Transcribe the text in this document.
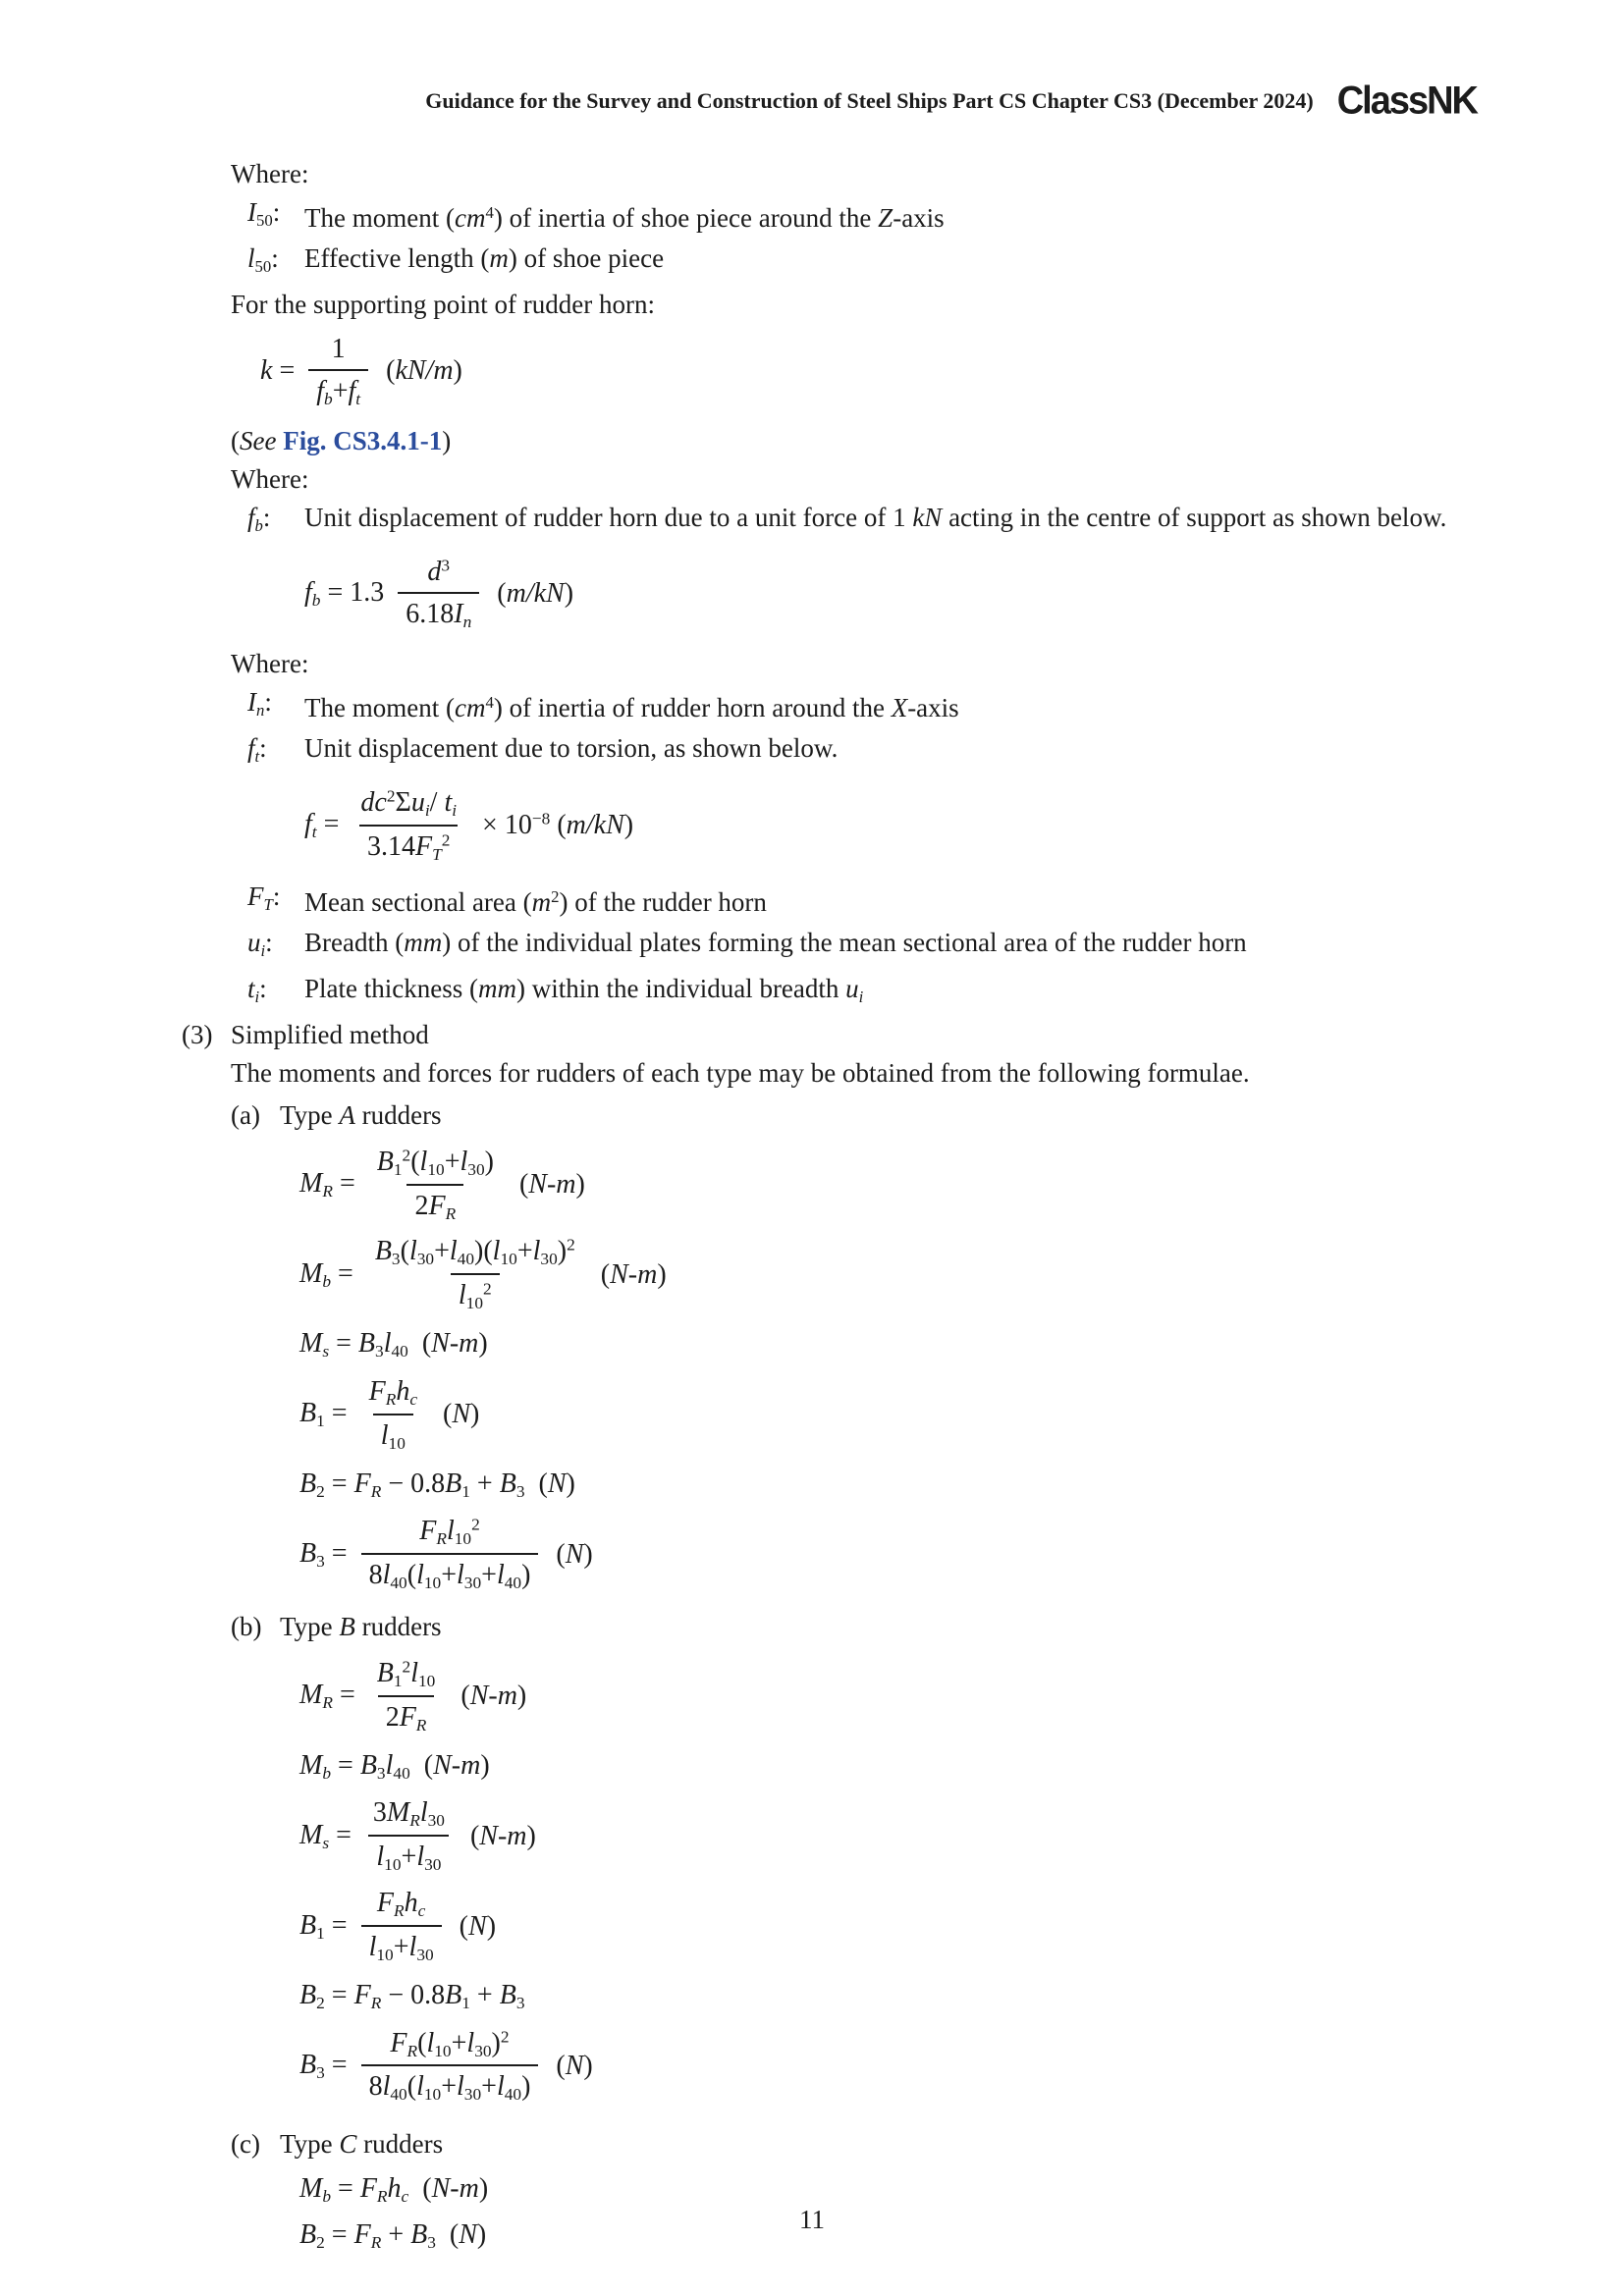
Guidance for the Survey and Construction of Steel Ships Part CS Chapter CS3 (December 2024) ClassNK
Where:
$I_{50}$: The moment $(cm^4)$ of inertia of shoe piece around the Z-axis
$l_{50}$: Effective length (m) of shoe piece
For the supporting point of rudder horn:
$k = \frac{1}{f_b+f_t} (kN/m)$
(See Fig. CS3.4.1-1)
Where:
$f_b$:	Unit displacement of rudder horn due to a unit force of 1 kN acting in the centre of support as shown below.
$f_b = 1.3 \frac{d^3}{6.18I_n} (m/kN)$
Where:
$I_n$:	The moment $(cm^4)$ of inertia of rudder horn around the X-axis
$f_t$:	Unit displacement due to torsion, as shown below.
$f_t = \frac{dc^2\Sigma u_i/ t_i}{3.14F_T^2} \times 10^{-8}$ (m/kN)
$F_T$: Mean sectional area $(m^2)$ of the rudder horn
$u_i$:	Breadth (mm) of the individual plates forming the mean sectional area of the rudder horn
$t_i$:	Plate thickness (mm) within the individual breadth $u_i$
(3) Simplified method
The moments and forces for rudders of each type may be obtained from the following formulae.
(a) Type A rudders
$M_R = \frac{B_1^2(l_{10}+l_{30})}{2F_R} (N-m)$
$M_b = \frac{B_3(l_{30}+l_{40})(l_{10}+l_{30})^2}{l_{10}^2} (N-m)$
$M_s = B_3l_{40}$ (N-m)
$B_1 = \frac{F_Rh_c}{l_{10}} (N)$
$B_2 = F_R - 0.8B_1 + B_3$ (N)
$B_3 = \frac{F_Rl_{10}^2}{8l_{40}(l_{10}+l_{30}+l_{40})} (N)$
(b) Type B rudders
$M_R = \frac{B_1^2l_{10}}{2F_R} (N-m)$
$M_b = B_3l_{40}$ (N-m)
$M_s = \frac{3M_Rl_{30}}{l_{10}+l_{30}} (N-m)$
$B_1 = \frac{F_Rh_c}{l_{10}+l_{30}} (N)$
$B_2 = F_R - 0.8B_1 + B_3$
$B_3 = \frac{F_R(l_{10}+l_{30})^2}{8l_{40}(l_{10}+l_{30}+l_{40})} (N)$
(c) Type C rudders
$M_b = F_Rh_c$ (N-m)
$B_2 = F_R + B_3$ (N)	11
